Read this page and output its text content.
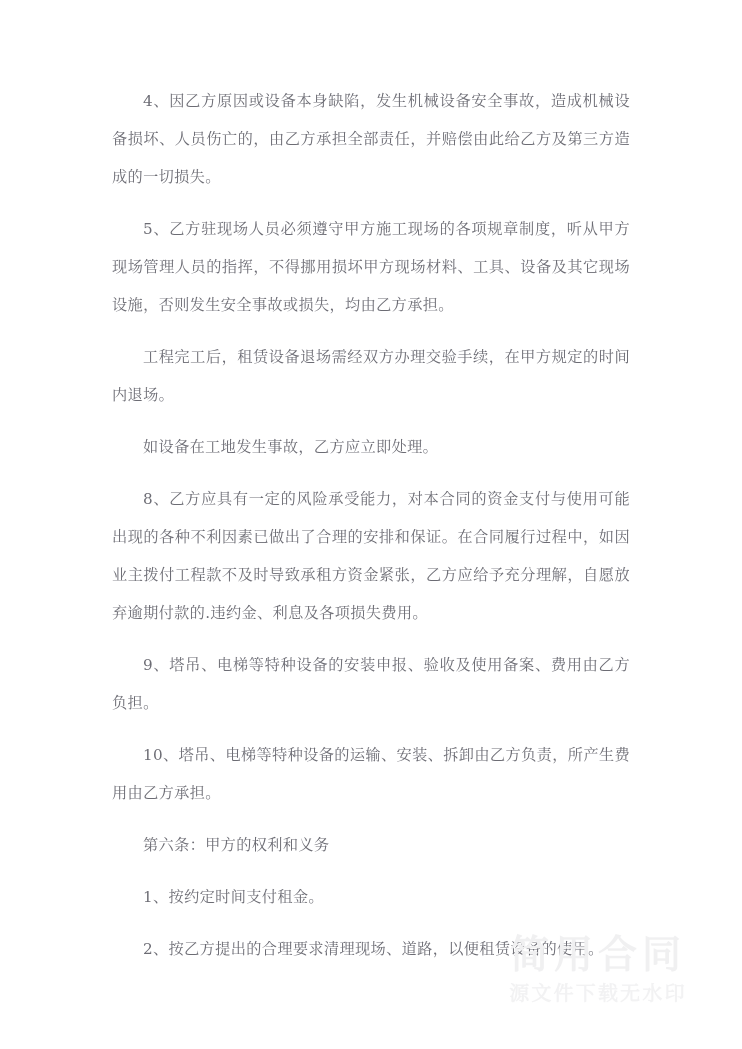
4、因乙方原因或设备本身缺陷，发生机械设备安全事故，造成机械设备损坏、人员伤亡的，由乙方承担全部责任，并赔偿由此给乙方及第三方造成的一切损失。

5、乙方驻现场人员必须遵守甲方施工现场的各项规章制度，听从甲方现场管理人员的指挥，不得挪用损坏甲方现场材料、工具、设备及其它现场设施，否则发生安全事故或损失，均由乙方承担。

工程完工后，租赁设备退场需经双方办理交验手续，在甲方规定的时间内退场。

如设备在工地发生事故，乙方应立即处理。

8、乙方应具有一定的风险承受能力，对本合同的资金支付与使用可能出现的各种不利因素已做出了合理的安排和保证。在合同履行过程中，如因业主拨付工程款不及时导致承租方资金紧张，乙方应给予充分理解，自愿放弃逾期付款的.违约金、利息及各项损失费用。

9、塔吊、电梯等特种设备的安装申报、验收及使用备案、费用由乙方负担。

10、塔吊、电梯等特种设备的运输、安装、拆卸由乙方负责，所产生费用由乙方承担。

第六条：甲方的权利和义务

1、按约定时间支付租金。

2、按乙方提出的合理要求清理现场、道路，以便租赁设备的使用。

简用合同
源文件下载无水印
